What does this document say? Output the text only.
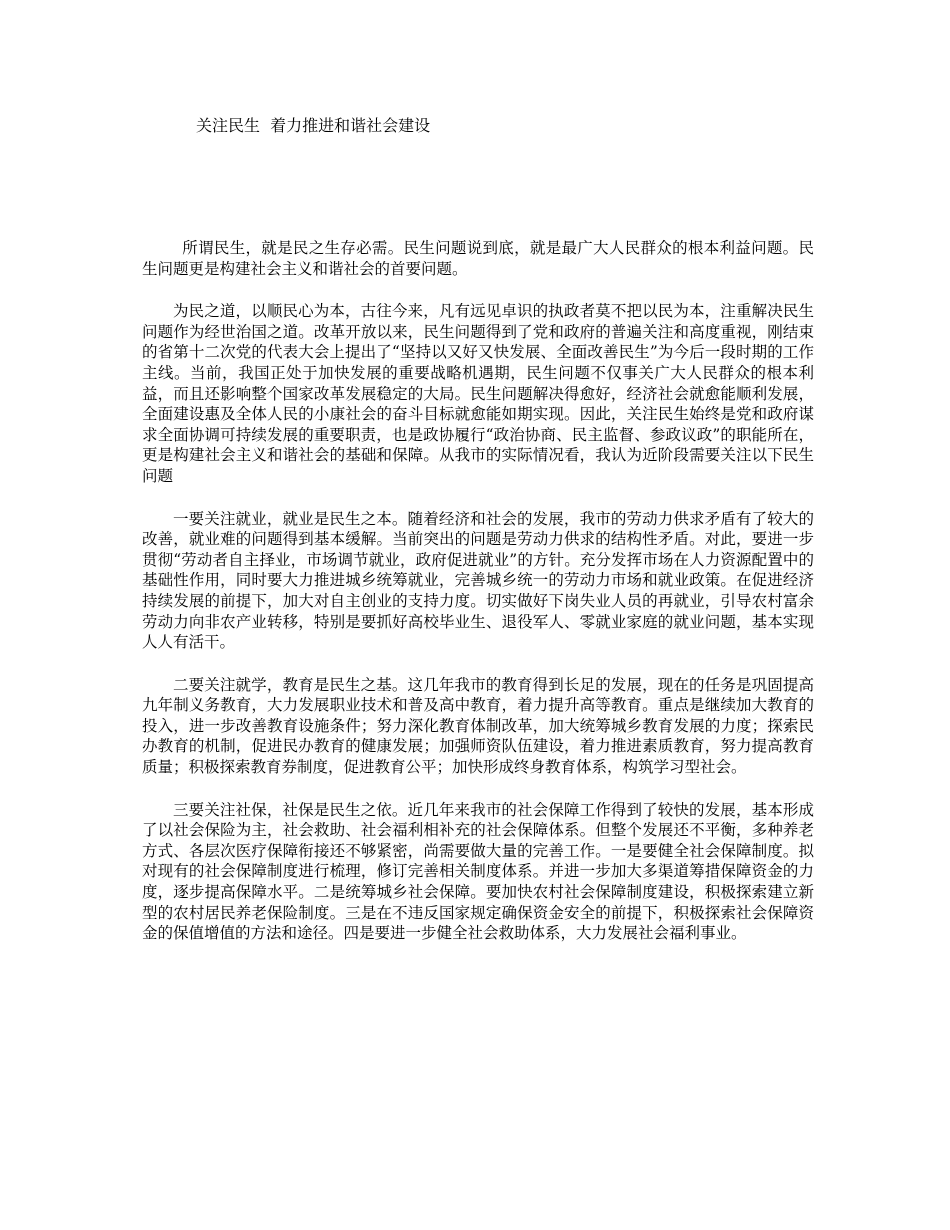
关注民生  着力推进和谐社会建设

所谓民生，就是民之生存必需。民生问题说到底，就是最广大人民群众的根本利益问题。民生问题更是构建社会主义和谐社会的首要问题。

为民之道，以顺民心为本，古往今来，凡有远见卓识的执政者莫不把以民为本，注重解决民生问题作为经世治国之道。改革开放以来，民生问题得到了党和政府的普遍关注和高度重视，刚结束的省第十二次党的代表大会上提出了“坚持以又好又快发展、全面改善民生”为今后一段时期的工作主线。当前，我国正处于加快发展的重要战略机遇期，民生问题不仅事关广大人民群众的根本利益，而且还影响整个国家改革发展稳定的大局。民生问题解决得愈好，经济社会就愈能顺利发展，全面建设惠及全体人民的小康社会的奋斗目标就愈能如期实现。因此，关注民生始终是党和政府谋求全面协调可持续发展的重要职责，也是政协履行“政治协商、民主监督、参政议政”的职能所在，更是构建社会主义和谐社会的基础和保障。从我市的实际情况看，我认为近阶段需要关注以下民生问题

一要关注就业，就业是民生之本。随着经济和社会的发展，我市的劳动力供求矛盾有了较大的改善，就业难的问题得到基本缓解。当前突出的问题是劳动力供求的结构性矛盾。对此，要进一步贯彻“劳动者自主择业，市场调节就业，政府促进就业”的方针。充分发挥市场在人力资源配置中的基础性作用，同时要大力推进城乡统筹就业，完善城乡统一的劳动力市场和就业政策。在促进经济持续发展的前提下，加大对自主创业的支持力度。切实做好下岗失业人员的再就业，引导农村富余劳动力向非农产业转移，特别是要抓好高校毕业生、退役军人、零就业家庭的就业问题，基本实现人人有活干。

二要关注就学，教育是民生之基。这几年我市的教育得到长足的发展，现在的任务是巩固提高九年制义务教育，大力发展职业技术和普及高中教育，着力提升高等教育。重点是继续加大教育的投入，进一步改善教育设施条件；努力深化教育体制改革，加大统筹城乡教育发展的力度；探索民办教育的机制，促进民办教育的健康发展；加强师资队伍建设，着力推进素质教育，努力提高教育质量；积极探索教育券制度，促进教育公平；加快形成终身教育体系，构筑学习型社会。

三要关注社保，社保是民生之依。近几年来我市的社会保障工作得到了较快的发展，基本形成了以社会保险为主，社会救助、社会福利相补充的社会保障体系。但整个发展还不平衡，多种养老方式、各层次医疗保障衔接还不够紧密，尚需要做大量的完善工作。一是要健全社会保障制度。拟对现有的社会保障制度进行梳理，修订完善相关制度体系。并进一步加大多渠道筹措保障资金的力度，逐步提高保障水平。二是统筹城乡社会保障。要加快农村社会保障制度建设，积极探索建立新型的农村居民养老保险制度。三是在不违反国家规定确保资金安全的前提下，积极探索社会保障资金的保值增值的方法和途径。四是要进一步健全社会救助体系，大力发展社会福利事业。
